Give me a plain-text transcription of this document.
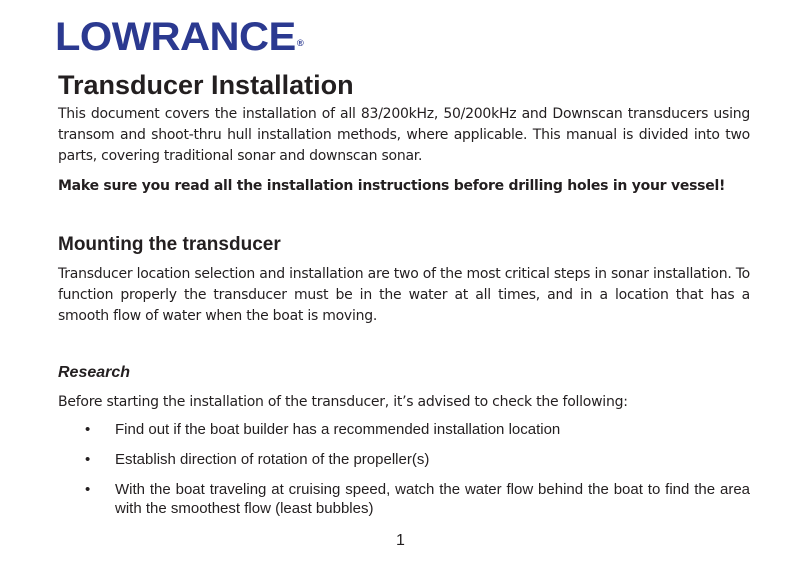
LOWRANCE®
Transducer Installation
This document covers the installation of all 83/200kHz, 50/200kHz and Downscan transducers using transom and shoot-thru hull installation methods, where applicable. This manual is divided into two parts, covering traditional sonar and downscan sonar.
Make sure you read all the installation instructions before drilling holes in your vessel!
Mounting the transducer
Transducer location selection and installation are two of the most critical steps in sonar installation. To function properly the transducer must be in the water at all times, and in a location that has a smooth flow of water when the boat is moving.
Research
Before starting the installation of the transducer, it’s advised to check the following:
• Find out if the boat builder has a recommended installation location
• Establish direction of rotation of the propeller(s)
• With the boat traveling at cruising speed, watch the water flow behind the boat to find the area with the smoothest flow (least bubbles)
1
